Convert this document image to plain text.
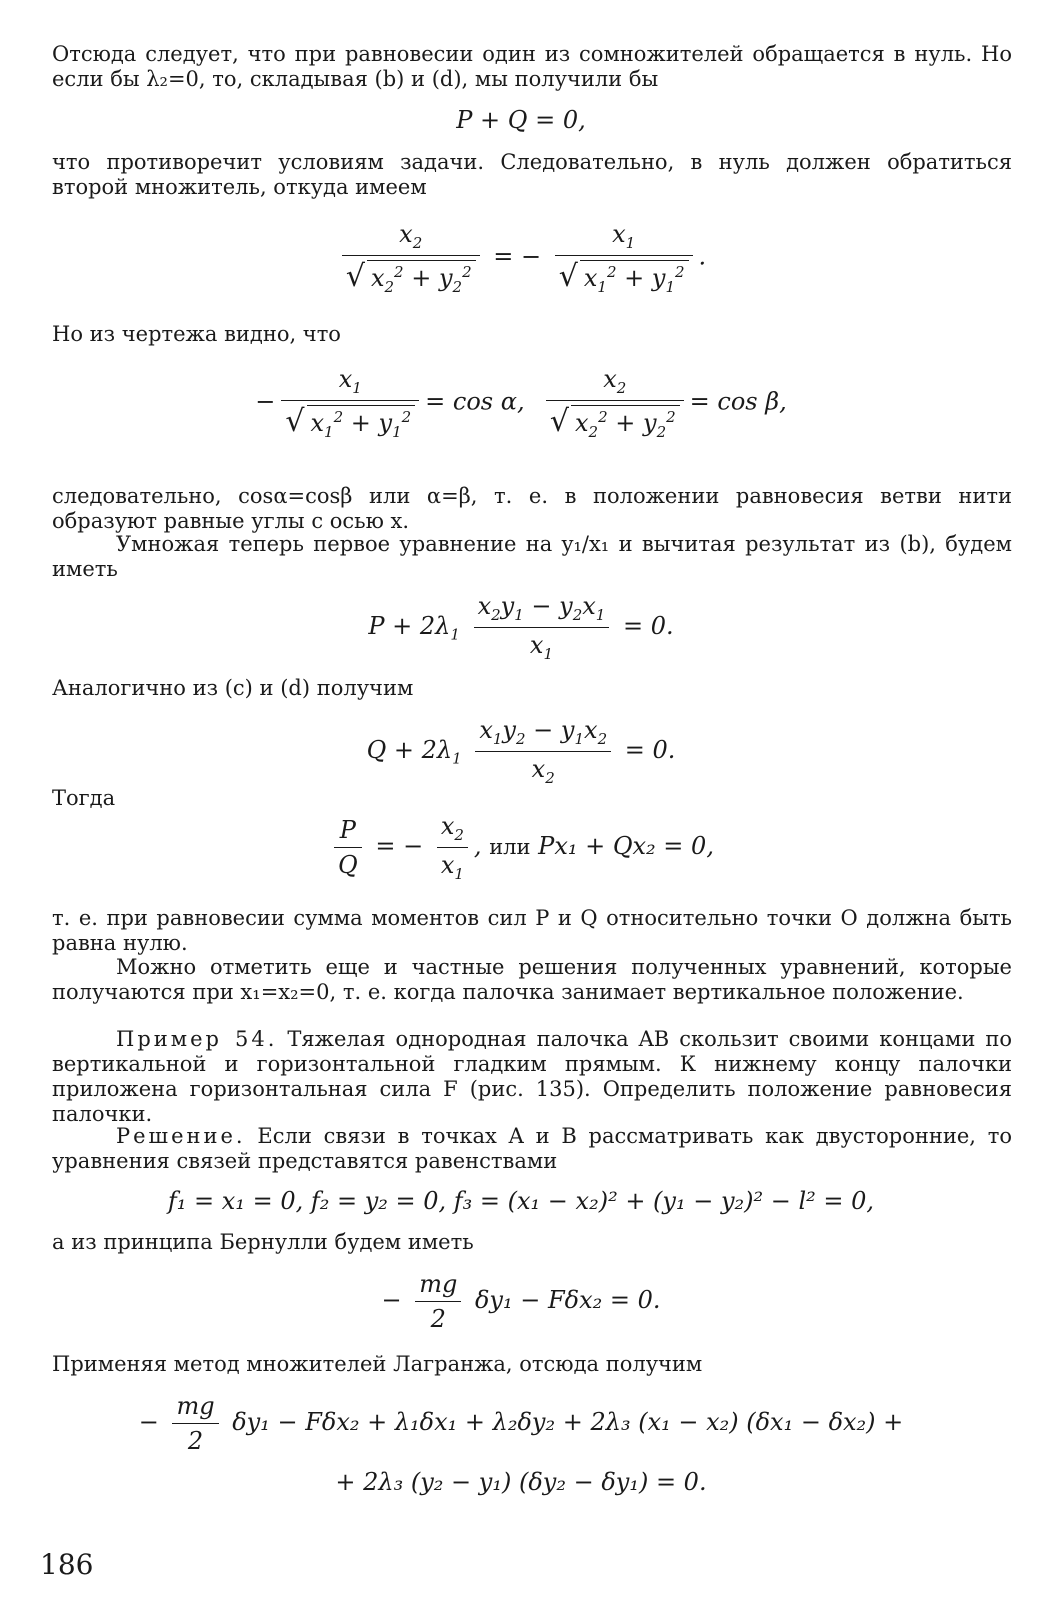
Отсюда следует, что при равновесии один из сомножителей обращается в нуль. Но если бы λ₂=0, то, складывая (b) и (d), мы получили бы

P + Q = 0,

что противоречит условиям задачи. Следовательно, в нуль должен обратиться второй множитель, откуда имеем

$\frac{x_2}{√ x_2^2 + y_2^2}$ = − $\frac{x_1}{√ x_1^2 + y_1^2}$ .

Но из чертежа видно, что

− $\frac{x_1}{√ x_1^2 + y_1^2} = \cos \alpha$, $\frac{x_2}{√ x_2^2 + y_2^2} = \cos \beta$,

следовательно, cosα=cosβ или α=β, т. е. в положении равновесия ветви нити образуют равные углы с осью x.

Умножая теперь первое уравнение на y₁/x₁ и вычитая результат из (b), будем иметь

$P + 2\lambda_1 \frac{x_2y_1 - y_2x_1}{x_1} = 0$.

Аналогично из (c) и (d) получим

$Q + 2\lambda_1 \frac{x_1y_2 - y_1x_2}{x_2} = 0$.

Тогда

$\frac{P}{Q}$ = − $\frac{x_2}{x_1}$ , или Px₁ + Qx₂ = 0,

т. е. при равновесии сумма моментов сил P и Q относительно точки O должна быть равна нулю.

Можно отметить еще и частные решения полученных уравнений, которые получаются при x₁=x₂=0, т. е. когда палочка занимает вертикальное положение.

Пример 54. Тяжелая однородная палочка AB скользит своими концами по вертикальной и горизонтальной гладким прямым. К нижнему концу палочки приложена горизонтальная сила F (рис. 135). Определить положение равновесия палочки.

Решение. Если связи в точках A и B рассматривать как двусторонние, то уравнения связей представятся равенствами

f₁ = x₁ = 0, f₂ = y₂ = 0, f₃ = (x₁ − x₂)² + (y₁ − y₂)² − l² = 0,

а из принципа Бернулли будем иметь

− $\frac{mg}{2} \delta y_1 - F\delta x_2 = 0$.

Применяя метод множителей Лагранжа, отсюда получим

− $\frac{mg}{2} \delta y_1 - F\delta x_2 + \lambda_1\delta x_1 + \lambda_2\delta y_2 + 2\lambda_3$ (x₁ − x₂) (δx₁ − δx₂) +
+ 2λ₃ (y₂ − y₁) (δy₂ − δy₁) = 0.
186
